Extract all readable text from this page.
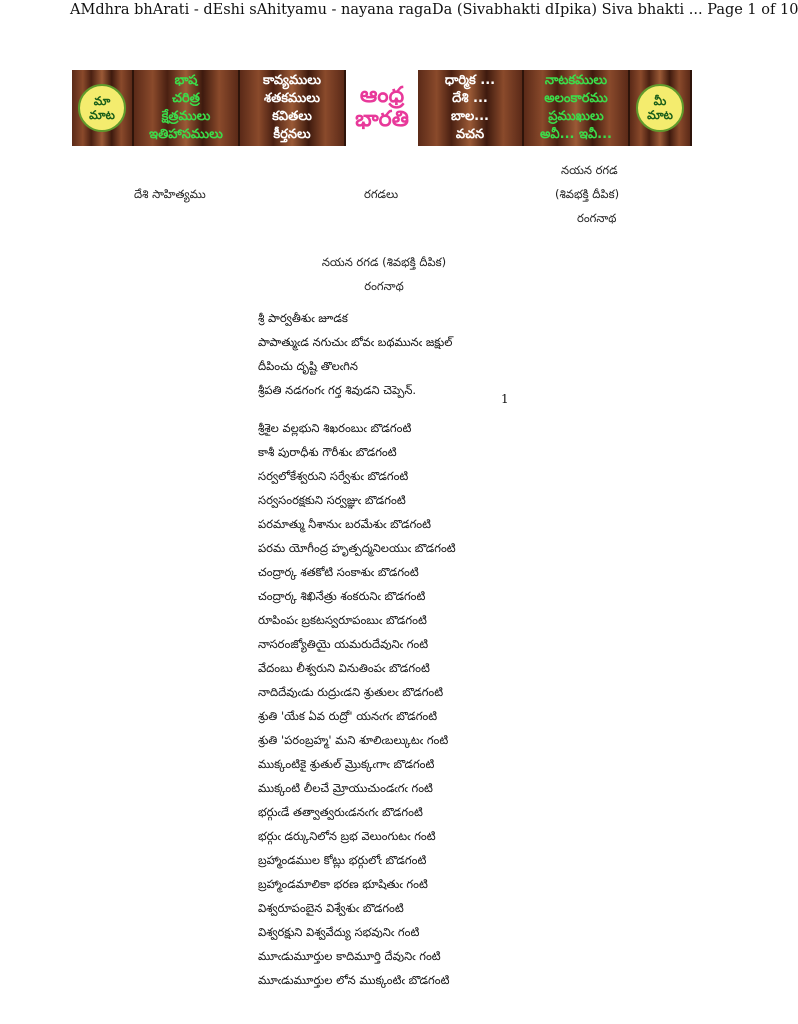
AMdhra bhArati - dEshi sAhityamu - nayana ragaDa (Sivabhakti dIpika) Siva bhakti ... Page 1 of 10
మా
మాట
భాష
చరిత్ర
క్షేత్రములు
ఇతిహాసములు
కావ్యములు
శతకములు
కవితలు
కీర్తనలు
ఆంధ్ర
భారతి
ధార్మిక ...
దేశి ...
బాల...
వచన
నాటకములు
అలంకారము
ప్రముఖులు
అవీ... ఇవీ...
మీ
మాట
దేశి సాహిత్యము	రగడలు
నయన రగడ
(శివభక్తి దీపిక)
రంగనాథ
నయన రగడ (శివభక్తి దీపిక)
రంగనాథ
1
శ్రీ పార్వతీశుఁ జూడక
పాపాత్ముఁడ నగుచుఁ బోవఁ బథమునఁ జక్షుల్
దీపించు దృష్టి తొలఁగిన
శ్రీపతి నడగంగఁ గర్త శివుడని చెప్పెన్.
శ్రీశైల వల్లభుని శిఖరంబుఁ బొడగంటి
కాశీ పురాధీశు గౌరీశుఁ బొడగంటి
సర్వలోకేశ్వరుని సర్వేశుఁ బొడగంటి
సర్వసంరక్షకుని సర్వజ్ఞుఁ బొడగంటి
పరమాత్ము నీశానుఁ బరమేశుఁ బొడగంటి
పరమ యోగీంద్ర హృత్పద్మనిలయుఁ బొడగంటి
చంద్రార్క శతకోటి సంకాశుఁ బొడగంటి
చంద్రార్క శిఖినేత్రు శంకరునిఁ బొడగంటి
రూపింపఁ బ్రకటస్వరూపంబుఁ బొడగంటి
నాసరంజ్యోతియై యమరుదేవునిఁ గంటి
వేదంబు లీశ్వరుని వినుతింపఁ బొడగంటి
నాదిదేవుఁడు రుద్రుఁడని శ్రుతులఁ బొడగంటి
శ్రుతి 'యేక ఏవ రుద్రో' యనఁగఁ బొడగంటి
శ్రుతి 'పరంబ్రహ్మ' మని శూలిఁబల్కుటఁ గంటి
ముక్కంటికై శ్రుతుల్ మ్రొక్కఁగాఁ బొడగంటి
ముక్కంటి లీలచే మ్రోయుచుండఁగఁ గంటి
భర్గుఁడే తత్వాత్వరుఁడనఁగఁ బొడగంటి
భర్గుఁ డర్కునిలోన బ్రభ వెలుంగుటఁ గంటి
బ్రహ్మాండముల కోట్లు భర్గులోఁ బొడగంటి
బ్రహ్మాండమాలికా భరణ భూషితుఁ గంటి
విశ్వరూపంబైన విశ్వేశుఁ బొడగంటి
విశ్వరక్షుని విశ్వవేద్యు సభవునిఁ గంటి
మూఁడుమూర్తుల కాదిమూర్తి దేవునిఁ గంటి
మూఁడుమూర్తుల లోన ముక్కంటిఁ బొడగంటి
